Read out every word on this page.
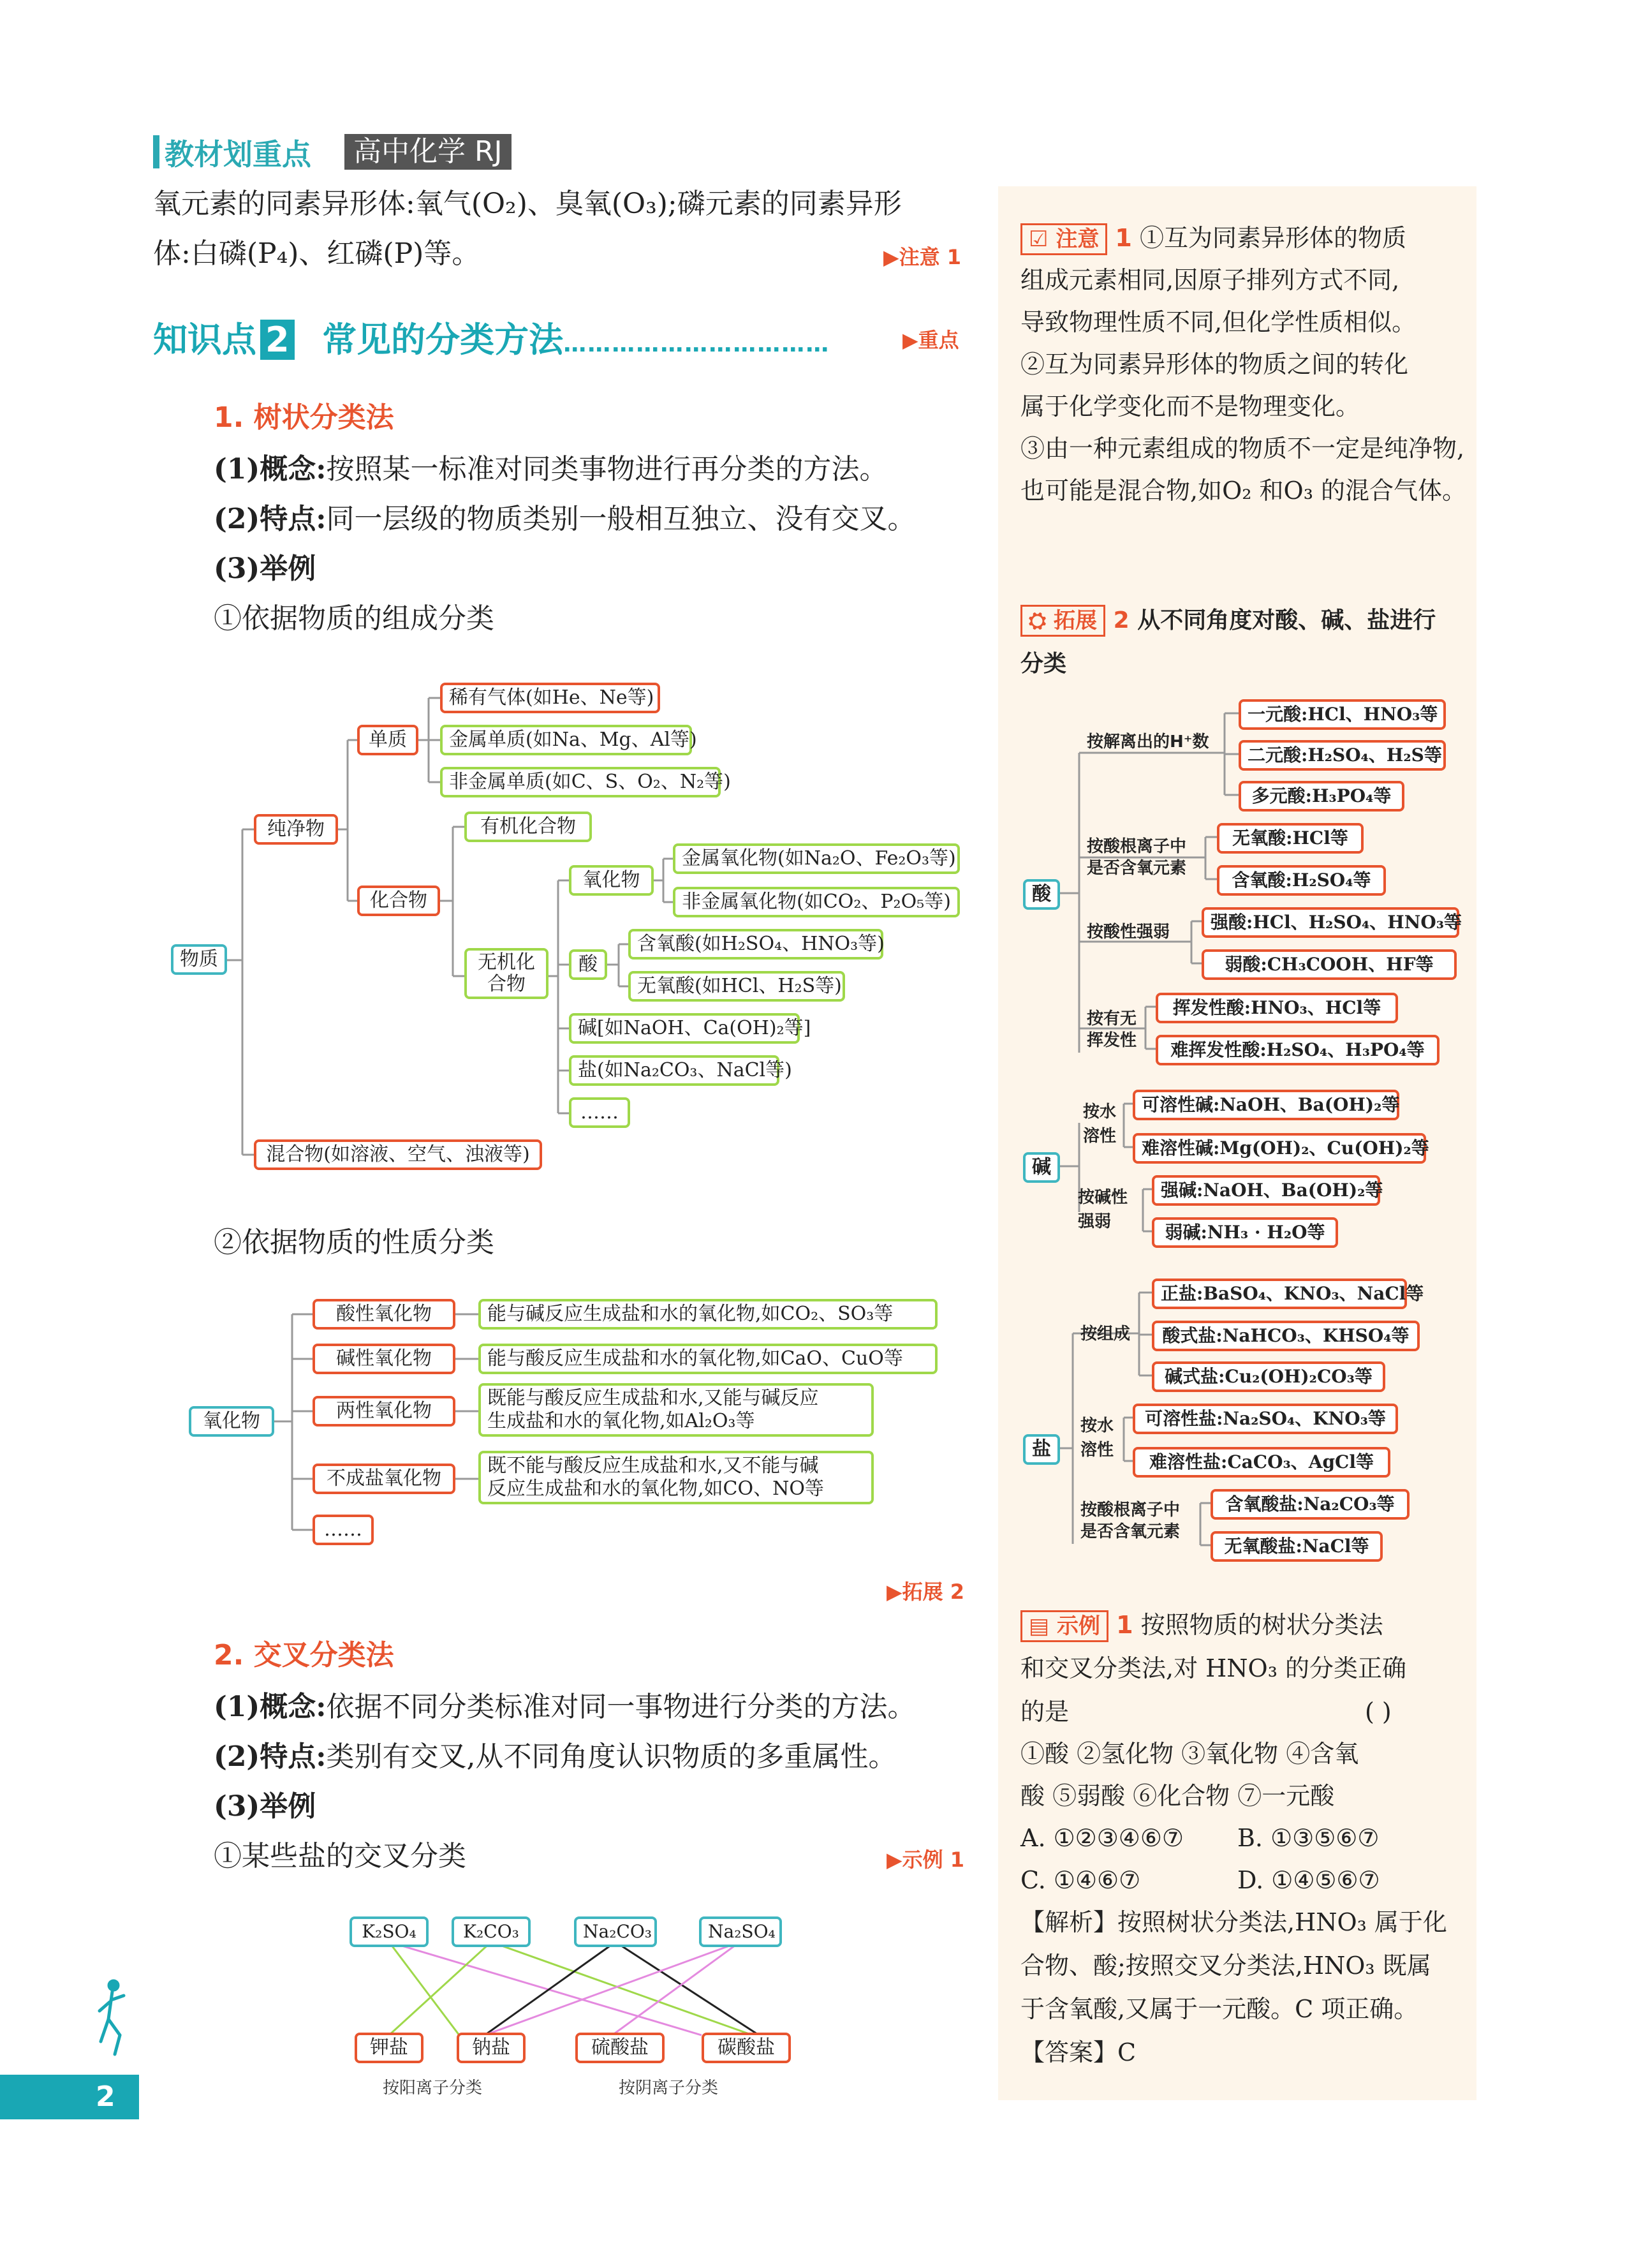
教材划重点	高中化学 RJ
氧元素的同素异形体:氧气(O₂)、臭氧(O₃);磷元素的同素异形
体:白磷(P₄)、红磷(P)等。	▶注意 1
知识点 2 常见的分类方法……………………………	▶重点
1. 树状分类法
(1)概念:按照某一标准对同类事物进行再分类的方法。
(2)特点:同一层级的物质类别一般相互独立、没有交叉。
(3)举例
①依据物质的组成分类
物质
纯净物
混合物(如溶液、空气、浊液等)
单质
化合物
稀有气体(如He、Ne等)
金属单质(如Na、Mg、Al等)
非金属单质(如C、S、O₂、N₂等)
有机化合物
无机化合物
氧化物
金属氧化物(如Na₂O、Fe₂O₃等)
非金属氧化物(如CO₂、P₂O₅等)
酸
含氧酸(如H₂SO₄、HNO₃等)
无氧酸(如HCl、H₂S等)
碱[如NaOH、Ca(OH)₂等]
盐(如Na₂CO₃、NaCl等)
……
②依据物质的性质分类
氧化物
酸性氧化物
碱性氧化物
两性氧化物
不成盐氧化物
……
能与碱反应生成盐和水的氧化物,如CO₂、SO₃等
能与酸反应生成盐和水的氧化物,如CaO、CuO等
既能与酸反应生成盐和水,又能与碱反应
生成盐和水的氧化物,如Al₂O₃等
既不能与酸反应生成盐和水,又不能与碱
反应生成盐和水的氧化物,如CO、NO等
▶拓展 2
2. 交叉分类法
(1)概念:依据不同分类标准对同一事物进行分类的方法。
(2)特点:类别有交叉,从不同角度认识物质的多重属性。
(3)举例
①某些盐的交叉分类	▶示例 1
K₂SO₄	K₂CO₃	Na₂CO₃	Na₂SO₄
钾盐	钠盐	硫酸盐	碳酸盐
按阳离子分类	按阴离子分类
2
☑ 注意 1 ①互为同素异形体的物质
组成元素相同,因原子排列方式不同,
导致物理性质不同,但化学性质相似。
②互为同素异形体的物质之间的转化
属于化学变化而不是物理变化。
③由一种元素组成的物质不一定是纯净物,
也可能是混合物,如O₂ 和O₃ 的混合气体。
⛭ 拓展 2 从不同角度对酸、碱、盐进行
分类
酸
按解离出的H⁺数
按酸根离子中
是否含氧元素
按酸性强弱
按有无
挥发性
一元酸:HCl、HNO₃等
二元酸:H₂SO₄、H₂S等
多元酸:H₃PO₄等
无氧酸:HCl等
含氧酸:H₂SO₄等
强酸:HCl、H₂SO₄、HNO₃等
弱酸:CH₃COOH、HF等
挥发性酸:HNO₃、HCl等
难挥发性酸:H₂SO₄、H₃PO₄等
碱
按水
溶性
按碱性
强弱
可溶性碱:NaOH、Ba(OH)₂等
难溶性碱:Mg(OH)₂、Cu(OH)₂等
强碱:NaOH、Ba(OH)₂等
弱碱:NH₃ · H₂O等
盐
按组成
按水
溶性
按酸根离子中
是否含氧元素
正盐:BaSO₄、KNO₃、NaCl等
酸式盐:NaHCO₃、KHSO₄等
碱式盐:Cu₂(OH)₂CO₃等
可溶性盐:Na₂SO₄、KNO₃等
难溶性盐:CaCO₃、AgCl等
含氧酸盐:Na₂CO₃等
无氧酸盐:NaCl等
▤ 示例 1 按照物质的树状分类法
和交叉分类法,对 HNO₃ 的分类正确
的是	( )
①酸 ②氢化物 ③氧化物 ④含氧
酸 ⑤弱酸 ⑥化合物 ⑦一元酸
A. ①②③④⑥⑦ B. ①③⑤⑥⑦
C. ①④⑥⑦	D. ①④⑤⑥⑦
【解析】按照树状分类法,HNO₃ 属于化
合物、酸;按照交叉分类法,HNO₃ 既属
于含氧酸,又属于一元酸。C 项正确。
【答案】C
